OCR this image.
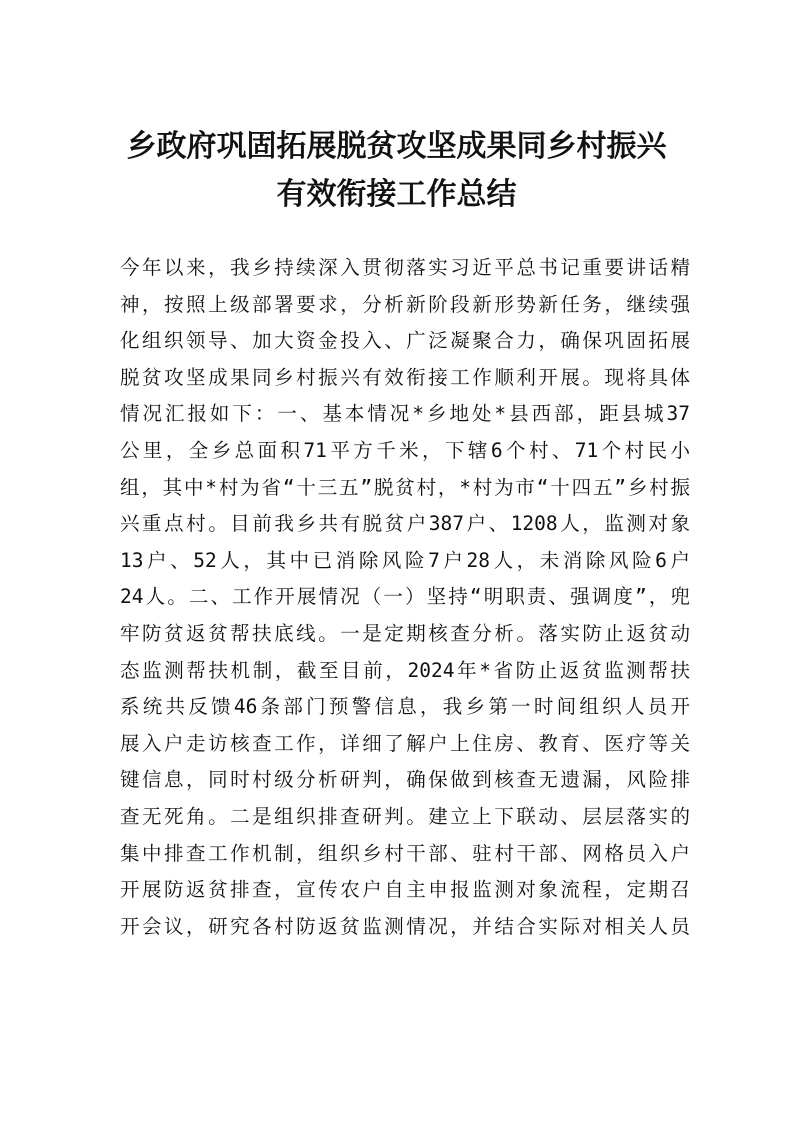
乡政府巩固拓展脱贫攻坚成果同乡村振兴
有效衔接工作总结
今年以来，我乡持续深入贯彻落实习近平总书记重要讲话精
神，按照上级部署要求，分析新阶段新形势新任务，继续强
化组织领导、加大资金投入、广泛凝聚合力，确保巩固拓展
脱贫攻坚成果同乡村振兴有效衔接工作顺利开展。现将具体
情况汇报如下：一、基本情况*乡地处*县西部，距县城37
公里，全乡总面积71平方千米，下辖6个村、71个村民小
组，其中*村为省“十三五”脱贫村，*村为市“十四五”乡村振
兴重点村。目前我乡共有脱贫户387户、1208人，监测对象
13户、52人，其中已消除风险7户28人，未消除风险6户
24人。二、工作开展情况（一）坚持“明职责、强调度”，兜
牢防贫返贫帮扶底线。一是定期核查分析。落实防止返贫动
态监测帮扶机制，截至目前，2024年*省防止返贫监测帮扶
系统共反馈46条部门预警信息，我乡第一时间组织人员开
展入户走访核查工作，详细了解户上住房、教育、医疗等关
键信息，同时村级分析研判，确保做到核查无遗漏，风险排
查无死角。二是组织排查研判。建立上下联动、层层落实的
集中排查工作机制，组织乡村干部、驻村干部、网格员入户
开展防返贫排查，宣传农户自主申报监测对象流程，定期召
开会议，研究各村防返贫监测情况，并结合实际对相关人员
